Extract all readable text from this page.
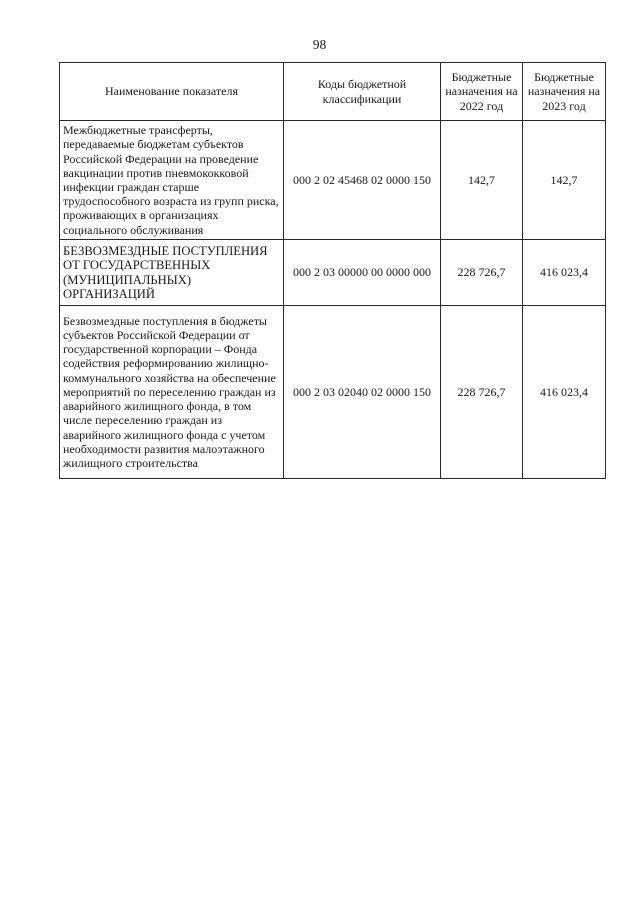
98
Наименование показателя	Коды бюджетной классификации	Бюджетные назначения на 2022 год	Бюджетные назначения на 2023 год
Межбюджетные трансферты, передаваемые бюджетам субъектов Российской Федерации на проведение вакцинации против пневмококковой инфекции граждан старше трудоспособного возраста из групп риска, проживающих в организациях социального обслуживания	000 2 02 45468 02 0000 150	142,7	142,7
БЕЗВОЗМЕЗДНЫЕ ПОСТУПЛЕНИЯ ОТ ГОСУДАРСТВЕННЫХ (МУНИЦИПАЛЬНЫХ) ОРГАНИЗАЦИЙ	000 2 03 00000 00 0000 000	228 726,7	416 023,4
Безвозмездные поступления в бюджеты субъектов Российской Федерации от государственной корпорации – Фонда содействия реформированию жилищно-коммунального хозяйства на обеспечение мероприятий по переселению граждан из аварийного жилищного фонда, в том числе переселению граждан из аварийного жилищного фонда с учетом необходимости развития малоэтажного жилищного строительства	000 2 03 02040 02 0000 150	228 726,7	416 023,4
